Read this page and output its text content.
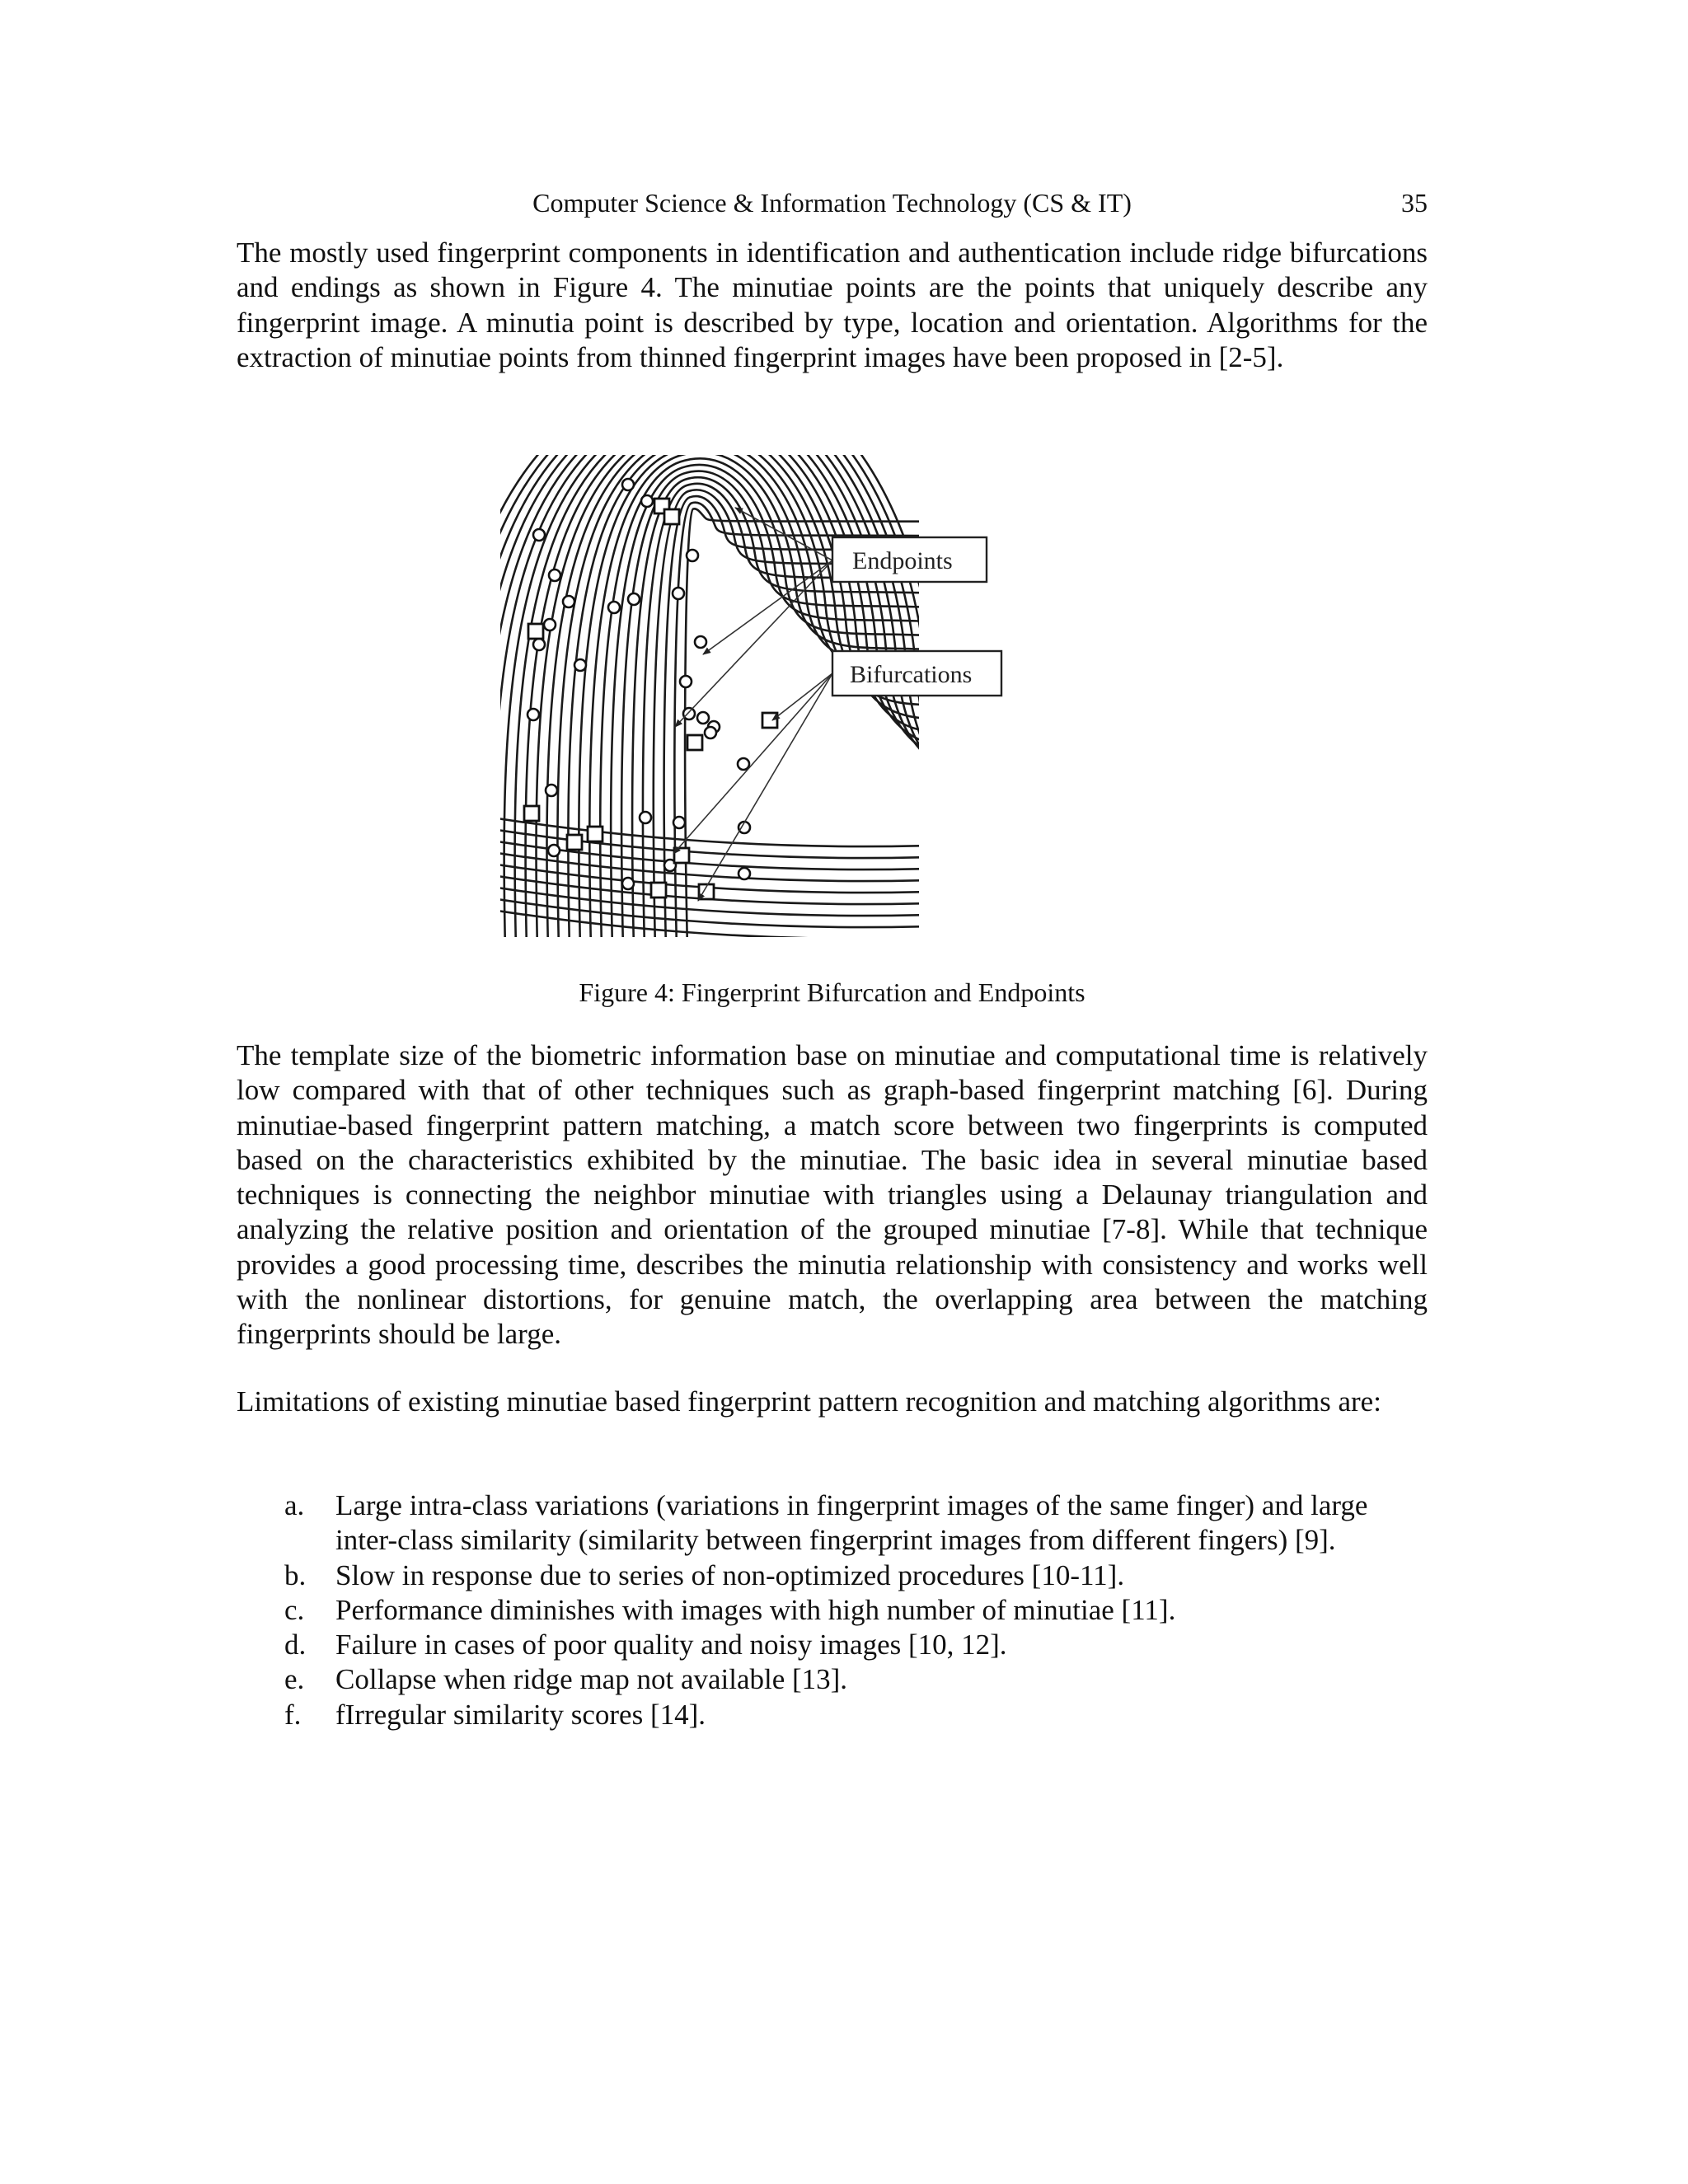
Computer Science & Information Technology (CS & IT)	35

The mostly used fingerprint components in identification and authentication include ridge bifurcations and endings as shown in Figure 4. The minutiae points are the points that uniquely describe any fingerprint image. A minutia point is described by type, location and orientation. Algorithms for the extraction of minutiae points from thinned fingerprint images have been proposed in [2-5].

Endpoints
Bifurcations
Figure 4: Fingerprint Bifurcation and Endpoints

The template size of the biometric information base on minutiae and computational time is relatively low compared with that of other techniques such as graph-based fingerprint matching [6]. During minutiae-based fingerprint pattern matching, a match score between two fingerprints is computed based on the characteristics exhibited by the minutiae. The basic idea in several minutiae based techniques is connecting the neighbor minutiae with triangles using a Delaunay triangulation and analyzing the relative position and orientation of the grouped minutiae [7-8]. While that technique provides a good processing time, describes the minutia relationship with consistency and works well with the nonlinear distortions, for genuine match, the overlapping area between the matching fingerprints should be large.

Limitations of existing minutiae based fingerprint pattern recognition and matching algorithms are:

a. Large intra-class variations (variations in fingerprint images of the same finger) and large inter-class similarity (similarity between fingerprint images from different fingers) [9].
b. Slow in response due to series of non-optimized procedures [10-11].
c. Performance diminishes with images with high number of minutiae [11].
d. Failure in cases of poor quality and noisy images [10, 12].
e. Collapse when ridge map not available [13].
f. fIrregular similarity scores [14].
